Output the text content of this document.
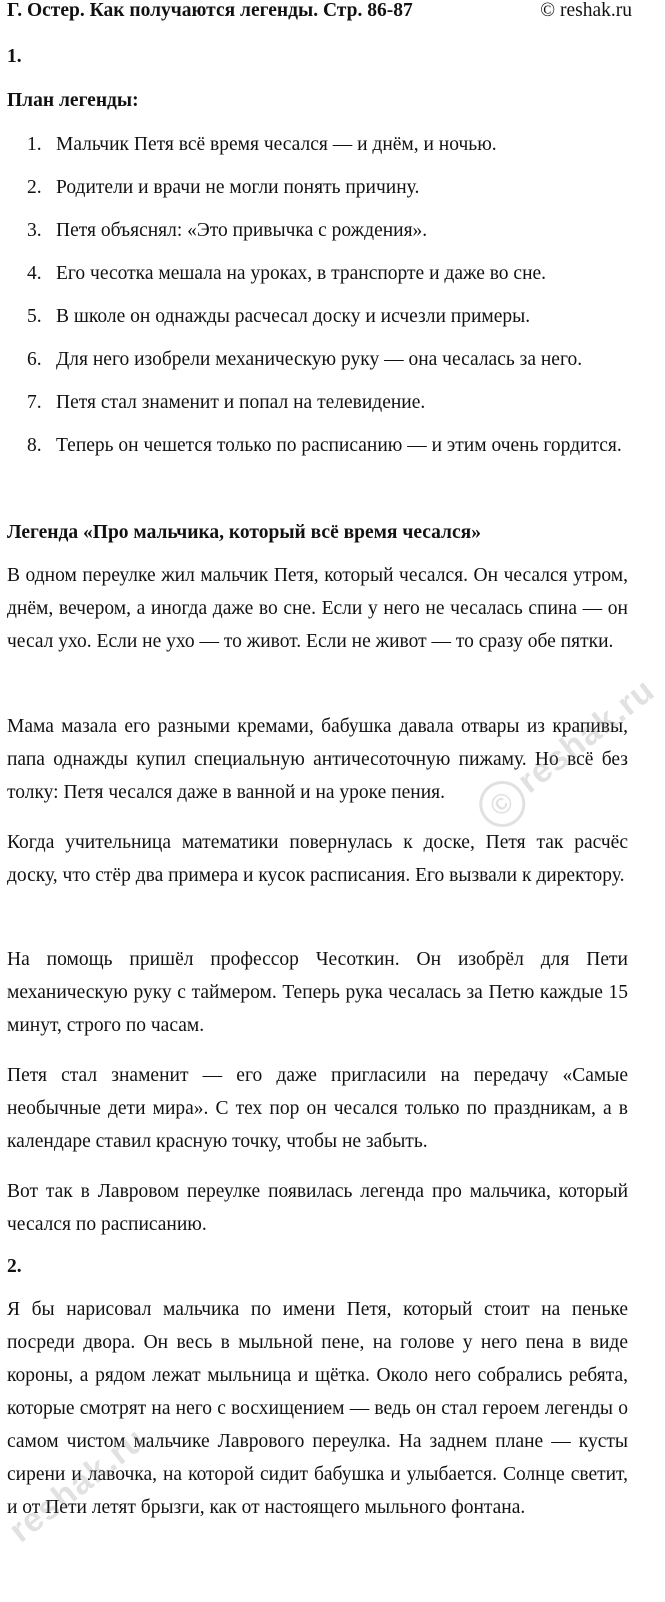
Г. Остер. Как получаются легенды. Стр. 86-87	© reshak.ru
1.
План легенды:
1. Мальчик Петя всё время чесался — и днём, и ночью.
2. Родители и врачи не могли понять причину.
3. Петя объяснял: «Это привычка с рождения».
4. Его чесотка мешала на уроках, в транспорте и даже во сне.
5. В школе он однажды расчесал доску и исчезли примеры.
6. Для него изобрели механическую руку — она чесалась за него.
7. Петя стал знаменит и попал на телевидение.
8. Теперь он чешется только по расписанию — и этим очень гордится.
Легенда «Про мальчика, который всё время чесался»

В одном переулке жил мальчик Петя, который чесался. Он чесался утром, днём, вечером, а иногда даже во сне. Если у него не чесалась спина — он чесал ухо. Если не ухо — то живот. Если не живот — то сразу обе пятки.

Мама мазала его разными кремами, бабушка давала отвары из крапивы, папа однажды купил специальную античесоточную пижаму. Но всё без толку: Петя чесался даже в ванной и на уроке пения.

Когда учительница математики повернулась к доске, Петя так расчёс доску, что стёр два примера и кусок расписания. Его вызвали к директору.

На помощь пришёл профессор Чесоткин. Он изобрёл для Пети механическую руку с таймером. Теперь рука чесалась за Петю каждые 15 минут, строго по часам.

Петя стал знаменит — его даже пригласили на передачу «Самые необычные дети мира». С тех пор он чесался только по праздникам, а в календаре ставил красную точку, чтобы не забыть.

Вот так в Лавровом переулке появилась легенда про мальчика, который чесался по расписанию.

2.

Я бы нарисовал мальчика по имени Петя, который стоит на пеньке посреди двора. Он весь в мыльной пене, на голове у него пена в виде короны, а рядом лежат мыльница и щётка. Около него собрались ребята, которые смотрят на него с восхищением — ведь он стал героем легенды о самом чистом мальчике Лаврового переулка. На заднем плане — кусты сирени и лавочка, на которой сидит бабушка и улыбается. Солнце светит, и от Пети летят брызги, как от настоящего мыльного фонтана.

©reshak.ru
reshak.ru
